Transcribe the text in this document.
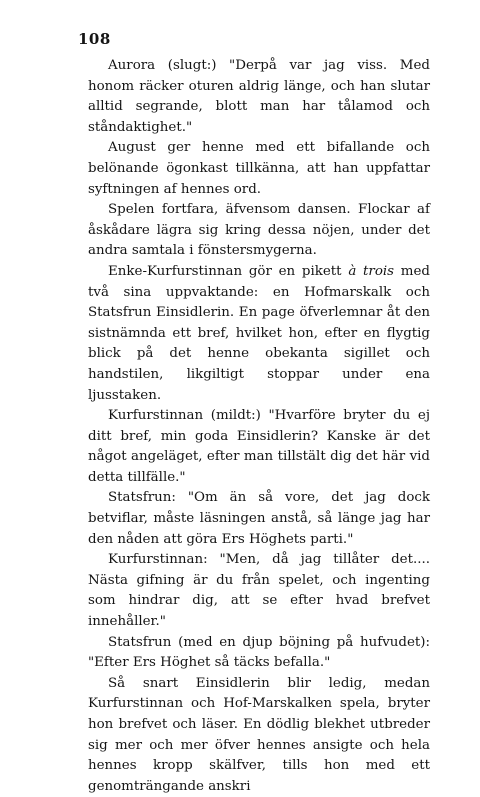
108

Aurora (slugt:) "Derpå var jag viss. Med honom räcker oturen aldrig länge, och han slutar alltid segrande, blott man har tålamod och ståndaktighet."

August ger henne med ett bifallande och belönande ögonkast tillkänna, att han uppfattar syftningen af hennes ord.

Spelen fortfara, äfvensom dansen. Flockar af åskådare lägra sig kring dessa nöjen, under det andra samtala i fönstersmygerna.

Enke-Kurfurstinnan gör en pikett à trois med två sina uppvaktande: en Hofmarskalk och Statsfrun Einsidlerin. En page öfverlemnar åt den sistnämnda ett bref, hvilket hon, efter en flygtig blick på det henne obekanta sigillet och handstilen, likgiltigt stoppar under ena ljusstaken.

Kurfurstinnan (mildt:) "Hvarföre bryter du ej ditt bref, min goda Einsidlerin? Kanske är det något angeläget, efter man tillstält dig det här vid detta tillfälle."

Statsfrun: "Om än så vore, det jag dock betviflar, måste läsningen anstå, så länge jag har den nåden att göra Ers Höghets parti."

Kurfurstinnan: "Men, då jag tillåter det.... Nästa gifning är du från spelet, och ingenting som hindrar dig, att se efter hvad brefvet innehåller."

Statsfrun (med en djup böjning på hufvudet): "Efter Ers Höghet så täcks befalla."

Så snart Einsidlerin blir ledig, medan Kurfurstinnan och Hof-Marskalken spela, bryter hon brefvet och läser. En dödlig blekhet utbreder sig mer och mer öfver hennes ansigte och hela hennes kropp skälfver, tills hon med ett genomträngande anskri
